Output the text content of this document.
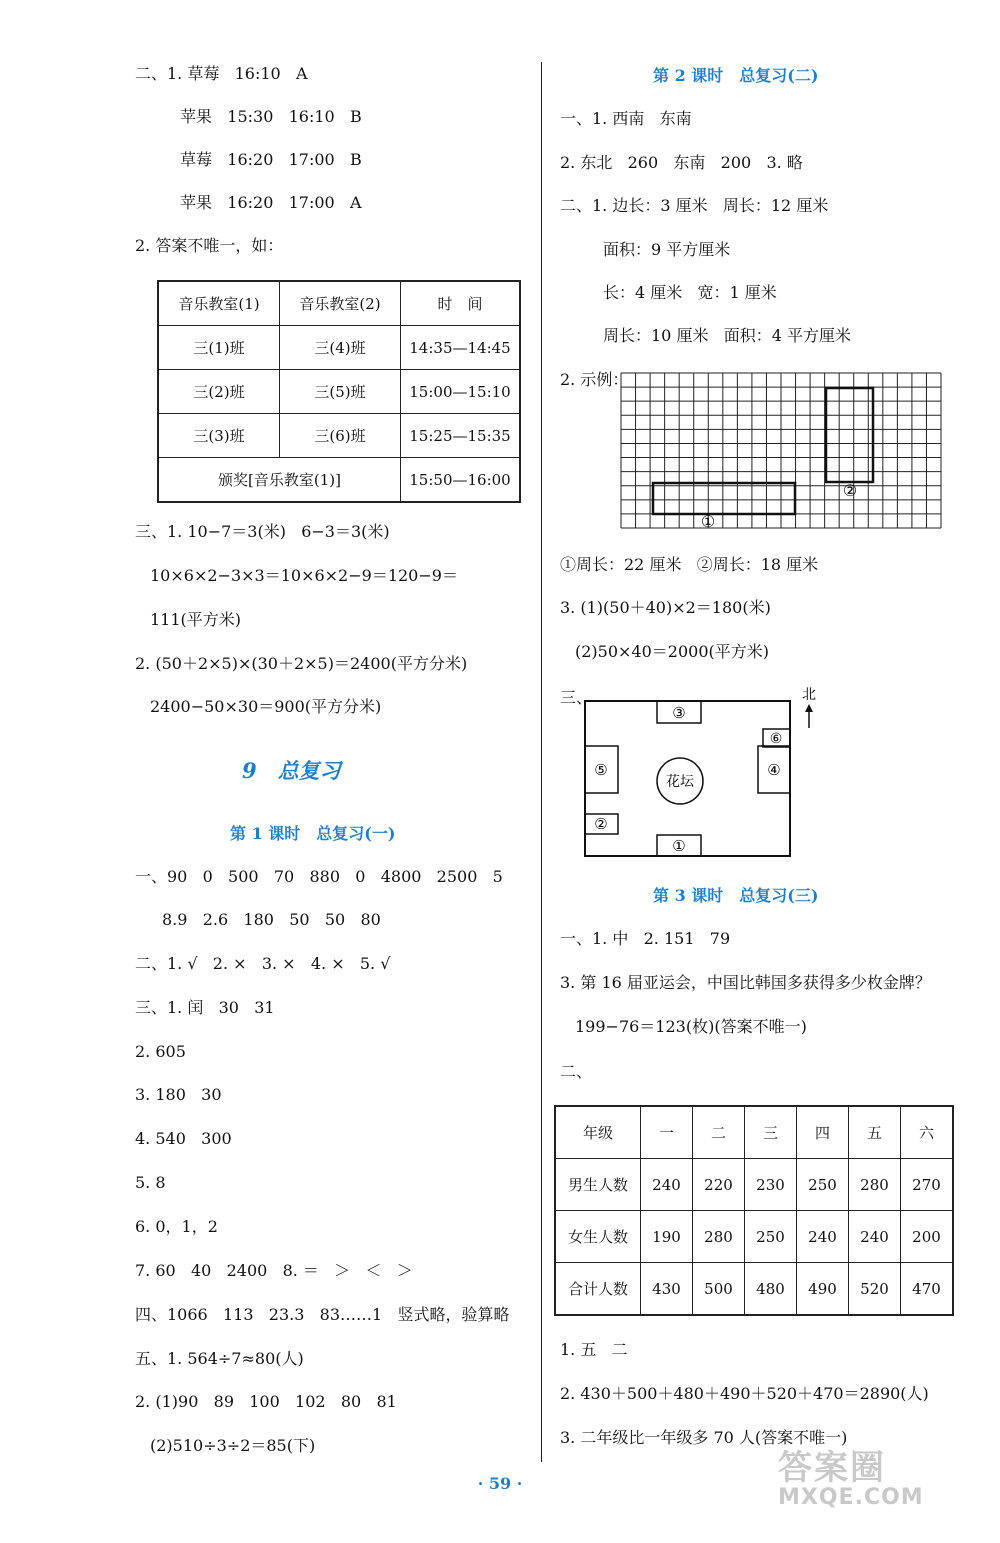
二、1. 草莓   16:10   A
苹果   15:30   16:10   B
草莓   16:20   17:00   B
苹果   16:20   17:00   A
2. 答案不唯一，如：
音乐教室(1)	音乐教室(2)	时　间
三(1)班	三(4)班	14:35—14:45
三(2)班	三(5)班	15:00—15:10
三(3)班	三(6)班	15:25—15:35
颁奖[音乐教室(1)]		15:50—16:00
三、1. 10−7＝3(米)   6−3＝3(米)
10×6×2−3×3＝10×6×2−9＝120−9＝
111(平方米)
2. (50＋2×5)×(30＋2×5)＝2400(平方分米)
2400−50×30＝900(平方分米)
9　总复习
第 1 课时　总复习(一)
一、90   0   500   70   880   0   4800   2500   5
8.9   2.6   180   50   50   80
二、1. √   2. ×   3. ×   4. ×   5. √
三、1. 闰   30   31
2. 605
3. 180   30
4. 540   300
5. 8
6. 0，1，2
7. 60   40   2400   8. ＝   ＞   ＜   ＞
四、1066   113   23.3   83……1   竖式略，验算略
五、1. 564÷7≈80(人)
2. (1)90   89   100   102   80   81
(2)510÷3÷2＝85(下)
第 2 课时　总复习(二)
一、1. 西南   东南
2. 东北   260   东南   200   3. 略
二、1. 边长：3 厘米   周长：12 厘米
面积：9 平方厘米
长：4 厘米   宽：1 厘米
周长：10 厘米   面积：4 平方厘米
2. 示例：
①
②
①周长：22 厘米   ②周长：18 厘米
3. (1)(50＋40)×2＝180(米)
(2)50×40＝2000(平方米)
三、
③
⑥
⑤	④
②
①
花坛
北
第 3 课时　总复习(三)
一、1. 中   2. 151   79
3. 第 16 届亚运会，中国比韩国多获得多少枚金牌？
199−76＝123(枚)(答案不唯一)
二、
年级	一	二	三	四	五	六
男生人数	240	220	230	250	280	270
女生人数	190	280	250	240	240	200
合计人数	430	500	480	490	520	470
1. 五   二
2. 430＋500＋480＋490＋520＋470＝2890(人)
3. 二年级比一年级多 70 人(答案不唯一)
· 59 ·	答案圈
MXQE.COM
